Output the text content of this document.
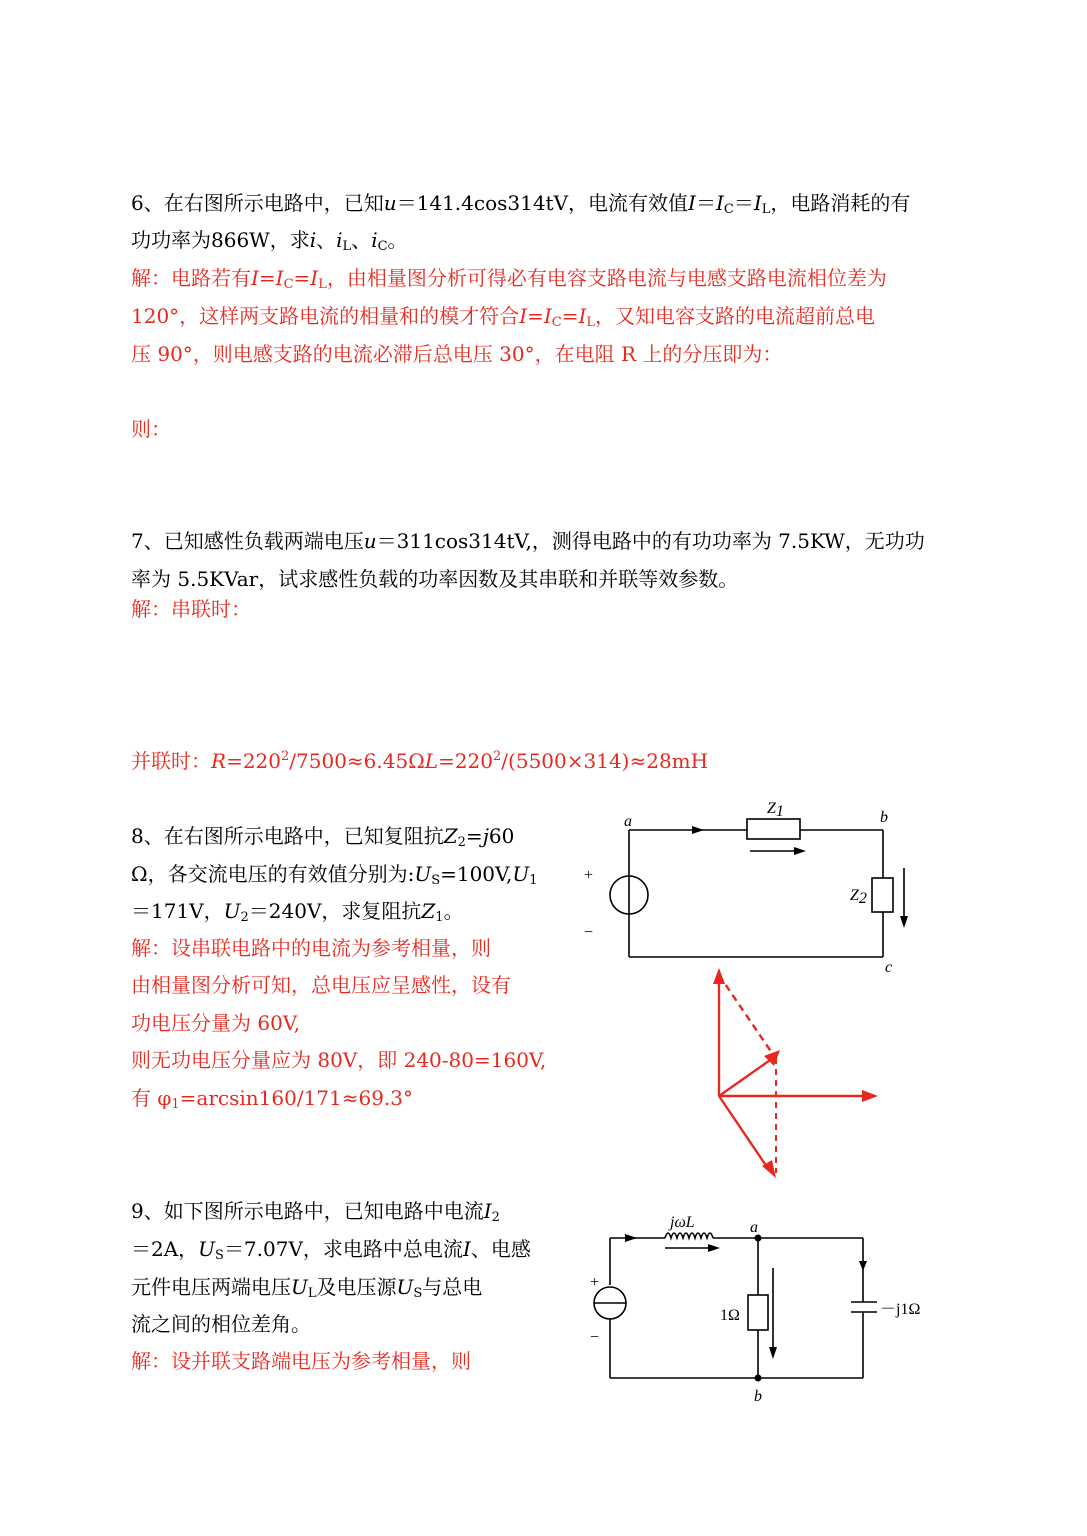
6、在右图所示电路中，已知u＝141.4cos314tV，电流有效值$I=I_C=I_L$，电路消耗的有
功功率为866W，求i、$i_L$、$i_C$。
解：电路若有$I=I_C=I_L$，由相量图分析可得必有电容支路电流与电感支路电流相位差为
120°，这样两支路电流的相量和的模才符合$I=I_C=I_L$，又知电容支路的电流超前总电
压 90°，则电感支路的电流必滞后总电压 30°，在电阻 R 上的分压即为：
则：
7、已知感性负载两端电压u＝311cos314tV,，测得电路中的有功功率为 7.5KW，无功功
率为 5.5KVar，试求感性负载的功率因数及其串联和并联等效参数。
解：串联时：
并联时：$R=220^2/7500\approx 6.45\Omega L=220^2/(5500\times 314)\approx 28mH$
8、在右图所示电路中，已知复阻抗$Z_2=j60$
Ω，各交流电压的有效值分别为$:U_S=100V,U_1$
＝171V，$U_2=240V$，求复阻抗$Z_1$。
解：设串联电路中的电流为参考相量，则
由相量图分析可知，总电压应呈感性，设有
功电压分量为 60V,
则无功电压分量应为 80V，即 240-80=160V,
有 $\varphi_1=\arcsin 160/171\approx 69.3^\circ$
a	b
c
Z1
Z2
+
−
9、如下图所示电路中，已知电路中电流$I_2$
＝2A，$U_S=7.07V$，求电路中总电流I、电感
元件电压两端电压$U_L$及电压源$U_S$与总电
流之间的相位差角。
解：设并联支路端电压为参考相量，则
jωL	a
b
1Ω	－j1Ω
+
−
